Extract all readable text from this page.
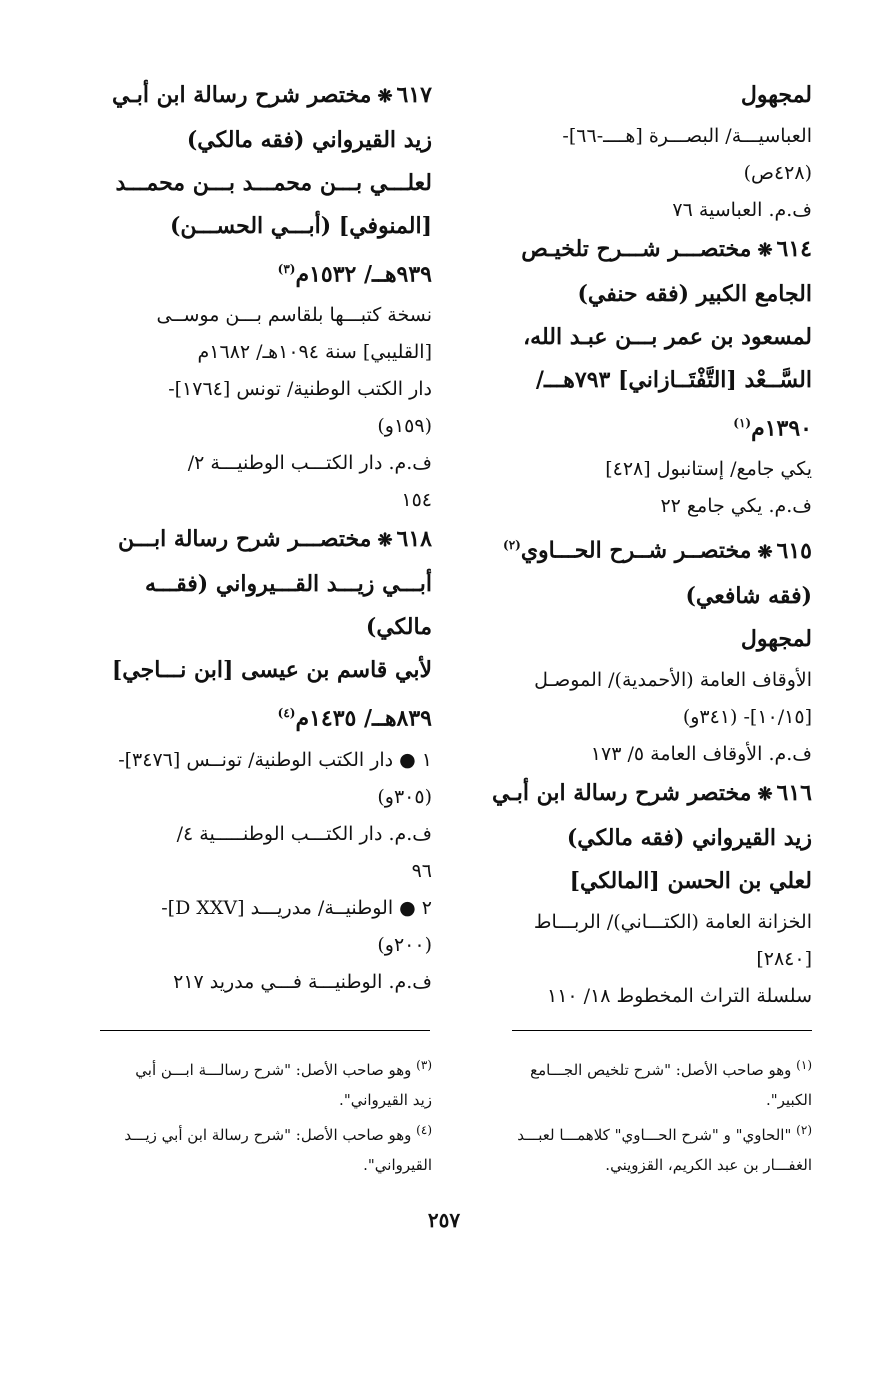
لمجهول
العباسيـــة/ البصـــرة [هــــ-٦٦]-
(٤٢٨ص)
ف.م. العباسية ٧٦
٦١٤❋مختصـــر شـــرح تلخيـص
الجامع الكبير (فقه حنفي)
لمسعود بن عمر بـــن عبـد الله،
السَّــعْد [التَّفْتَــازاني] ٧٩٣هـــ/
١٣٩٠م$^{(١)}$
يكي جامع/ إستانبول [٤٢٨]
ف.م. يكي جامع ٢٢
٦١٥❋مختصــر شــرح الحـــاوي$^{(٢)}$
(فقه شافعي)
لمجهول
الأوقاف العامة (الأحمدية)/ الموصـل
[١٠/١٥]- (٣٤١و)
ف.م. الأوقاف العامة ٥/ ١٧٣
٦١٦❋مختصر شرح رسالة ابن أبـي
زيد القيرواني (فقه مالكي)
لعلي بن الحسن [المالكي]
الخزانة العامة (الكتـــاني)/ الربـــاط
[٢٨٤٠]
سلسلة التراث المخطوط ١٨/ ١١٠
٦١٧❋مختصر شرح رسالة ابن أبـي
زيد القيرواني (فقه مالكي)
لعلـــي بـــن محمـــد بـــن محمـــد
[المنوفي] (أبـــي الحســـن)
٩٣٩هــ/ ١٥٣٢م$^{(٣)}$
نسخة كتبـــها بلقاسم بـــن موســى
[القليبي] سنة ١٠٩٤هـ/ ١٦٨٢م
دار الكتب الوطنية/ تونس [١٧٦٤]-
(١٥٩و)
ف.م. دار الكتـــب الوطنيـــة ٢/
١٥٤
٦١٨❋مختصـــر شرح رسالة ابـــن
أبـــي زيـــد القـــيرواني (فقـــه
مالكي)
لأبي قاسم بن عيسى [ابن نـــاجي]
٨٣٩هــ/ ١٤٣٥م$^{(٤)}$
١ ● دار الكتب الوطنية/ تونــس [٣٤٧٦]-
(٣٠٥و)
ف.م. دار الكتـــب الوطنـــــية ٤/
٩٦
٢ ● الوطنيــة/ مدريـــد [D XXV]-
(٢٠٠و)
ف.م. الوطنيـــة فـــي مدريد ٢١٧

$^{(١)}$ وهو صاحب الأصل: "شرح تلخيص الجـــامع

الكبير".

$^{(٢)}$ "الحاوي" و "شرح الحـــاوي" كلاهمـــا لعبـــد

الغفـــار بن عبد الكريم، القزويني.

$^{(٣)}$ وهو صاحب الأصل: "شرح رسالـــة ابـــن أبي

زيد القيرواني".

$^{(٤)}$ وهو صاحب الأصل: "شرح رسالة ابن أبي زيـــد

القيرواني".

٢٥٧
